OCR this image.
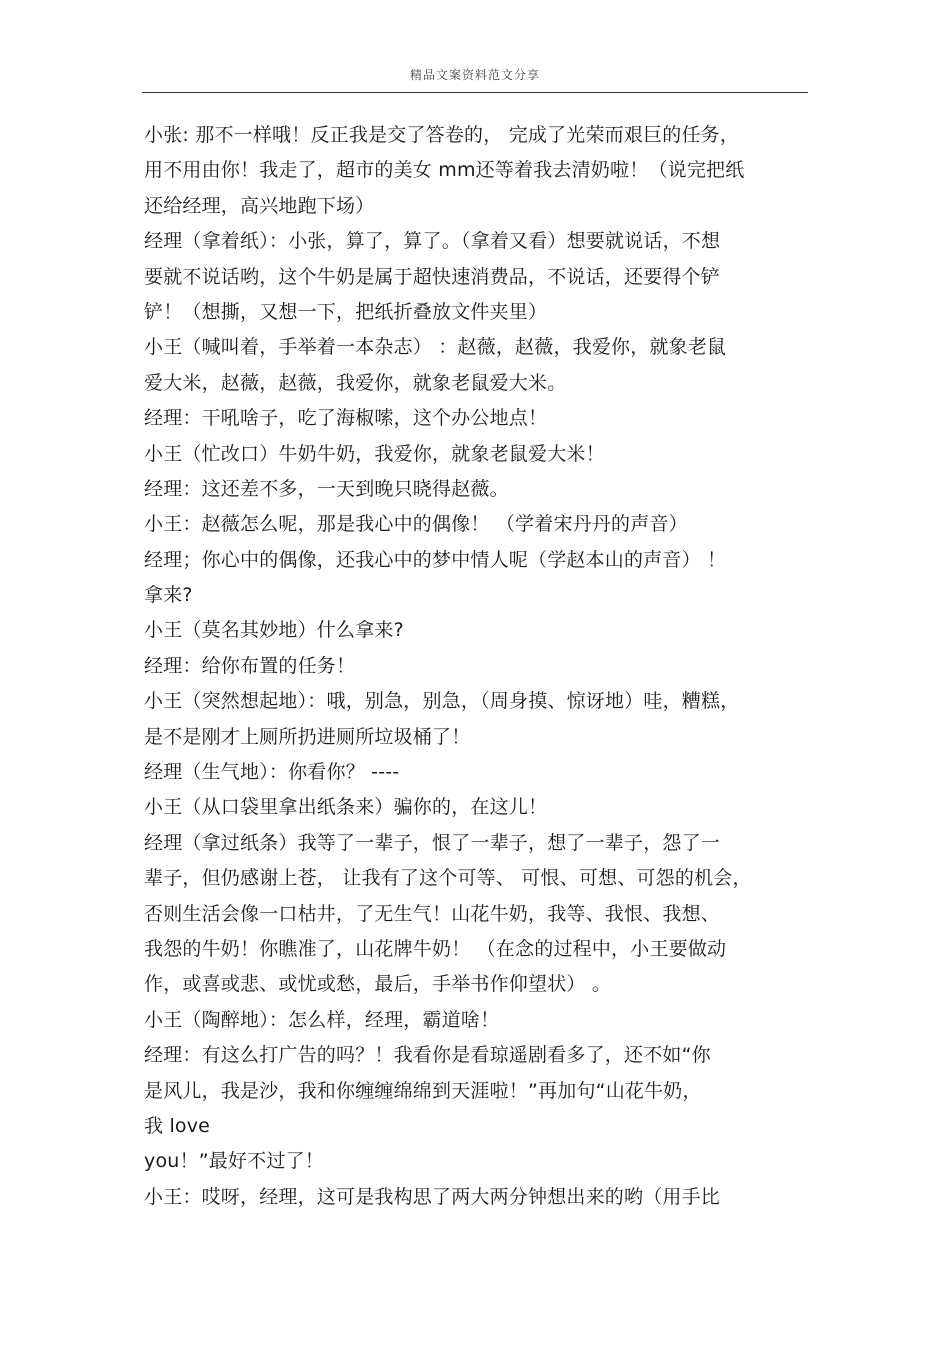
精品文案资料范文分享
小张: 那不一样哦！反正我是交了答卷的， 完成了光荣而艰巨的任务，
用不用由你！我走了，超市的美女 mm还等着我去清奶啦！（说完把纸
还给经理，高兴地跑下场）
经理（拿着纸）：小张，算了，算了。（拿着又看）想要就说话，不想
要就不说话哟，这个牛奶是属于超快速消费品，不说话，还要得个铲
铲！（想撕，又想一下，把纸折叠放文件夹里）
小王（喊叫着，手举着一本杂志） ：赵薇，赵薇，我爱你，就象老鼠
爱大米，赵薇，赵薇，我爱你，就象老鼠爱大米。
经理：干吼啥子，吃了海椒嗦，这个办公地点！
小王（忙改口）牛奶牛奶，我爱你，就象老鼠爱大米！
经理：这还差不多，一天到晚只晓得赵薇。
小王：赵薇怎么呢，那是我心中的偶像！ （学着宋丹丹的声音）
经理；你心中的偶像，还我心中的梦中情人呢（学赵本山的声音） ！
拿来?
小王（莫名其妙地）什么拿来?
经理：给你布置的任务！
小王（突然想起地）：哦，别急，别急，（周身摸、惊讶地）哇，糟糕，
是不是刚才上厕所扔进厕所垃圾桶了！
经理（生气地）：你看你？ ----
小王（从口袋里拿出纸条来）骗你的，在这儿！
经理（拿过纸条）我等了一辈子，恨了一辈子，想了一辈子，怨了一
辈子，但仍感谢上苍， 让我有了这个可等、 可恨、可想、可怨的机会，
否则生活会像一口枯井，了无生气！山花牛奶，我等、我恨、我想、
我怨的牛奶！你瞧准了，山花牌牛奶！ （在念的过程中，小王要做动
作，或喜或悲、或忧或愁，最后，手举书作仰望状） 。
小王（陶醉地）：怎么样，经理，霸道啥！
经理：有这么打广告的吗？！我看你是看琼遥剧看多了，还不如“你
是风儿，我是沙，我和你缠缠绵绵到天涯啦！”再加句“山花牛奶，
我 love
you！”最好不过了！
小王：哎呀，经理，这可是我构思了两大两分钟想出来的哟（用手比
